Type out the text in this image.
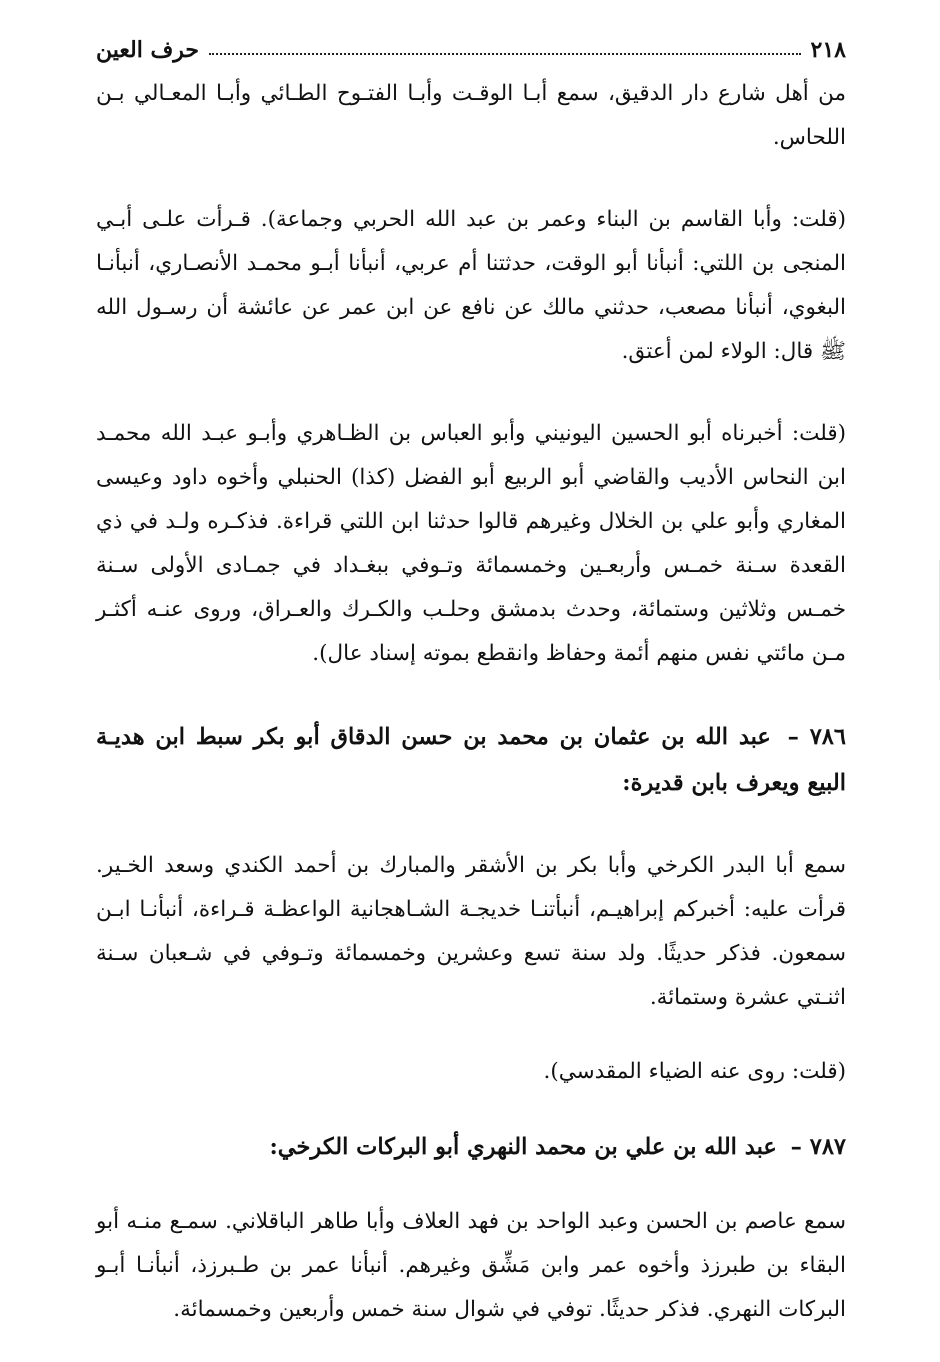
٢١٨
حرف العين

من أهل شارع دار الدقيق، سمع أبـا الوقـت وأبـا الفتـوح الطـائي وأبـا المعـالي بـن اللحاس.

(قلت: وأبا القاسم بن البناء وعمر بن عبد الله الحربي وجماعة). قـرأت علـى أبـي المنجى بن اللتي: أنبأنا أبو الوقت، حدثتنا أم عربي، أنبأنا أبـو محمـد الأنصـاري، أنبأنـا البغوي، أنبأنا مصعب، حدثني مالك عن نافع عن ابن عمر عن عائشة أن رسـول الله ﷺ قال: الولاء لمن أعتق.

(قلت: أخبرناه أبو الحسين اليونيني وأبو العباس بن الظـاهري وأبـو عبـد الله محمـد ابن النحاس الأديب والقاضي أبو الربيع أبو الفضل (كذا) الحنبلي وأخوه داود وعيسى المغاري وأبو علي بن الخلال وغيرهم قالوا حدثنا ابن اللتي قراءة. فذكـره ولـد في ذي القعدة سـنة خمـس وأربعـين وخمسمائة وتـوفي ببغـداد في جمـادى الأولى سـنة خمـس وثلاثين وستمائة، وحدث بدمشق وحلـب والكـرك والعـراق، وروى عنـه أكثـر مـن مائتي نفس منهم أئمة وحفاظ وانقطع بموته إسناد عال).

٧٨٦ – عبد الله بن عثمان بن محمد بن حسن الدقاق أبو بكر سبط ابن هديـة البيع ويعرف بابن قديرة:

سمع أبا البدر الكرخي وأبا بكر بن الأشقر والمبارك بن أحمد الكندي وسعد الخـير. قرأت عليه: أخبركم إبراهيـم، أنبأتنـا خديجـة الشـاهجانية الواعظـة قـراءة، أنبأنـا ابـن سمعون. فذكر حديثًا. ولد سنة تسع وعشرين وخمسمائة وتـوفي في شـعبان سـنة اثنـتي عشرة وستمائة.

(قلت: روى عنه الضياء المقدسي).

٧٨٧ – عبد الله بن علي بن محمد النهري أبو البركات الكرخي:

سمع عاصم بن الحسن وعبد الواحد بن فهد العلاف وأبا طاهر الباقلاني. سمـع منـه أبو البقاء بن طبرزذ وأخوه عمر وابن مَشِّق وغيرهم. أنبأنا عمر بن طـبرزذ، أنبأنـا أبـو البركات النهري. فذكر حديثًا. توفي في شوال سنة خمس وأربعين وخمسمائة.
